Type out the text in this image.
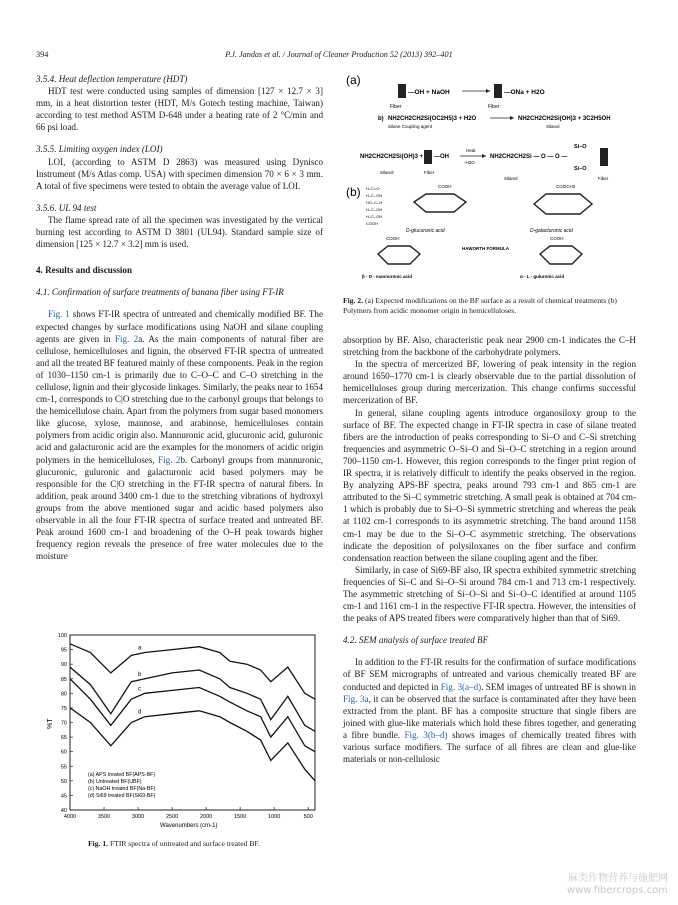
394	P.J. Jandas et al. / Journal of Cleaner Production 52 (2013) 392–401
3.5.4. Heat deflection temperature (HDT)

HDT test were conducted using samples of dimension [127 × 12.7 × 3] mm, in a heat distortion tester (HDT, M/s Gotech testing machine, Taiwan) according to test method ASTM D-648 under a heating rate of 2 °C/min and 66 psi load.

3.5.5. Limiting oxygen index (LOI)

LOI, (according to ASTM D 2863) was measured using Dynisco Instrument (M/s Atlas comp. USA) with specimen dimension 70 × 6 × 3 mm. A total of five specimens were tested to obtain the average value of LOI.

3.5.6. UL 94 test

The flame spread rate of all the specimen was investigated by the vertical burning test according to ASTM D 3801 (UL94). Standard sample size of dimension [125 × 12.7 × 3.2] mm is used.

4. Results and discussion
4.1. Confirmation of surface treatments of banana fiber using FT-IR

Fig. 1 shows FT-IR spectra of untreated and chemically modified BF. The expected changes by surface modifications using NaOH and silane coupling agents are given in Fig. 2a. As the main components of natural fiber are cellulose, hemicelluloses and lignin, the observed FT-IR spectra of untreated and all the treated BF featured mainly of these components. Peak in the region of 1030–1150 cm-1 is primarily due to C–O–C and C–O stretching in the cellulose, lignin and their glycoside linkages. Similarly, the peaks near to 1654 cm-1, corresponds to C|O stretching due to the carbonyl groups that belongs to the hemicellulose chain. Apart from the polymers from sugar based monomers like glucose, xylose, mannose, and arabinose, hemicelluloses contain polymers from acidic origin also. Mannuronic acid, glucuronic acid, guluronic acid and galacturonic acid are the examples for the monomers of acidic origin polymers in the hemicelluloses, Fig. 2b. Carbonyl groups from mannuronic, glucuronic, guluronic and galacturonic acid based polymers may be responsible for the C|O stretching in the FT-IR spectra of natural fibers. In addition, peak around 3400 cm-1 due to the stretching vibrations of hydroxyl groups from the above mentioned sugar and acidic based polymers also observable in all the four FT-IR spectra of surface treated and untreated BF. Peak around 1600 cm-1 and broadening of the O–H peak towards higher frequency region reveals the presence of free water molecules due to the moisture

%T
Wavenumbers (cm-1)
100
95
90
85
80
75
70
65
60
55
50
45
40
4000	3500	3000	2500	2000	1500	1000	500
a
b
c
d
(a) APS treated BF(APS-BF)
(b) Untreated BF(UBF)
(c) NaOH treated BF(Na-BF)
(d) Si69 treated BF(Si69-BF)
Fig. 1. FTIR spectra of untreated and surface treated BF.
(a)
—OH + NaOH	—ONa + H2O
Fiber	Fiber
b) NH2CH2CH2Si(OC2H5)3 + H2O	NH2CH2CH2Si(OH)3 + 3C2H5OH
Silane Coupling agent	Silanol
Si–O
NH2CH2CH2Si(OH)3 + —OH
Heat
-H2O
NH2CH2CH2Si — O — O —
Si–O
Silanol	Fiber
Silanol	Fiber
(b) H–C=O
H–C–OH
HO–C–H
H–C–OH
H–C–OH
COOH
COOH
D-glucuronic acid
COOCH3
D-galacturonic acid
COOH
β - D - mannuronic acid
HAWORTH FORMULA
COOH
α - L - guluronic acid
Fig. 2. (a) Expected modifications on the BF surface as a result of chemical treatments (b) Polymers from acidic monomer origin in hemicelluloses.

absorption by BF. Also, characteristic peak near 2900 cm-1 indicates the C–H stretching from the backbone of the carbohydrate polymers.

In the spectra of mercerized BF, lowering of peak intensity in the region around 1650–1770 cm-1 is clearly observable due to the partial dissolution of hemicelluloses group during mercerization. This change confirms successful mercerization of BF.

In general, silane coupling agents introduce organosiloxy group to the surface of BF. The expected change in FT-IR spectra in case of silane treated fibers are the introduction of peaks corresponding to Si–O and C–Si stretching frequencies and asymmetric O–Si–O and Si–O–C stretching in a region around 700–1150 cm-1. However, this region corresponds to the finger print region of IR spectra, it is relatively difficult to identify the peaks observed in the region. By analyzing APS-BF spectra, peaks around 793 cm-1 and 865 cm-1 are attributed to the Si–C symmetric stretching. A small peak is obtained at 704 cm-1 which is probably due to Si–O–Si symmetric stretching and whereas the peak at 1102 cm-1 corresponds to its asymmetric stretching. The band around 1158 cm-1 may be due to the Si–O–C asymmetric stretching. The observations indicate the deposition of polysiloxanes on the fiber surface and confirm condensation reaction between the silane coupling agent and the fiber.

Similarly, in case of Si69-BF also, IR spectra exhibited symmetric stretching frequencies of Si–C and Si–O–Si around 784 cm-1 and 713 cm-1 respectively. The asymmetric stretching of Si–O–Si and Si–O–C identified at around 1105 cm-1 and 1161 cm-1 in the respective FT-IR spectra. However, the intensities of the peaks of APS treated fibers were comparatively higher than that of Si69.

4.2. SEM analysis of surface treated BF

In addition to the FT-IR results for the confirmation of surface modifications of BF SEM micrographs of untreated and various chemically treated BF are conducted and depicted in Fig. 3(a–d). SEM images of untreated BF is shown in Fig. 3a, it can be observed that the surface is contaminated after they have been extracted from the plant. BF has a composite structure that single fibers are joined with glue-like materials which hold these fibres together, and generating a fibre bundle. Fig. 3(b–d) shows images of chemically treated fibres with various surface modifiers. The surface of all fibres are clean and glue-like materials or non-cellulosic

麻类作物营养与施肥网
www.fibercrops.com
